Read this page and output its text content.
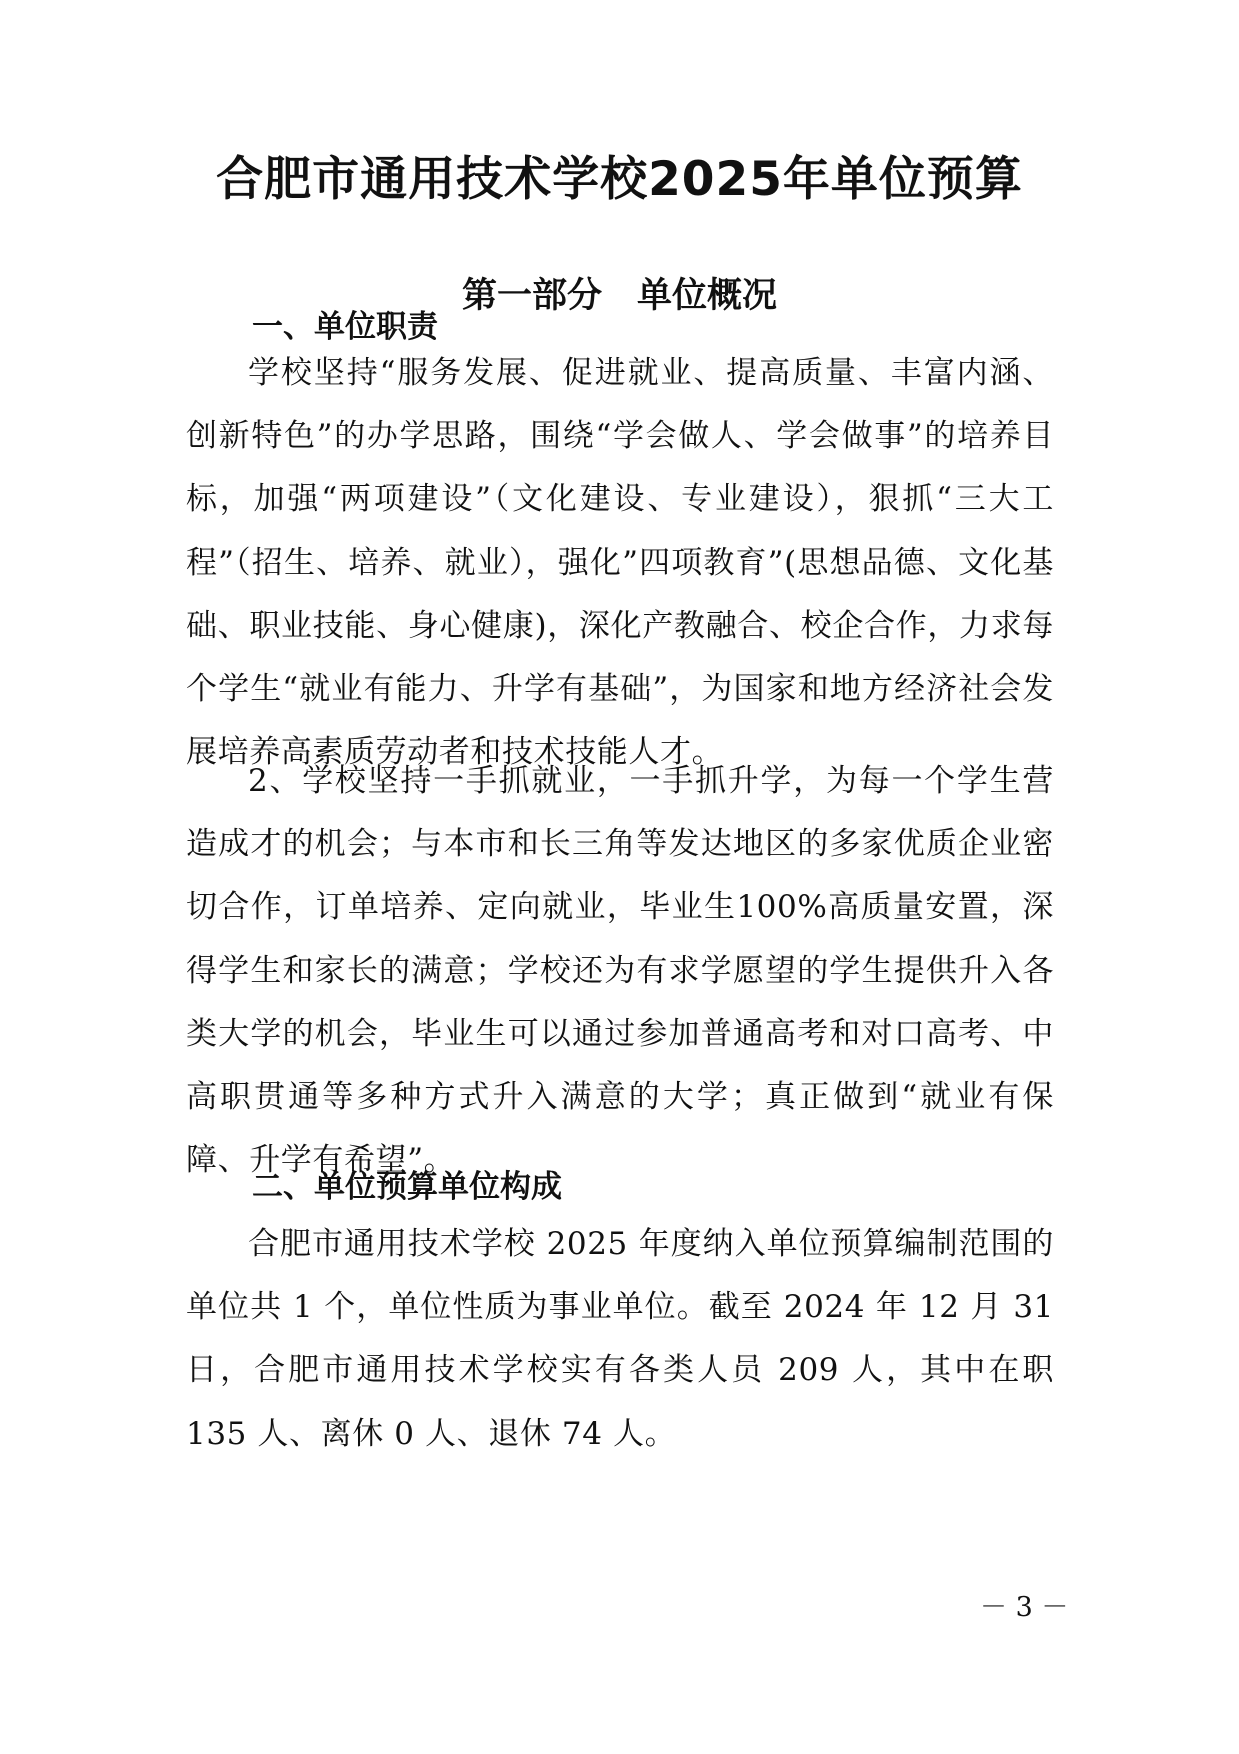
合肥市通用技术学校2025年单位预算
第一部分　单位概况
一、单位职责

学校坚持“服务发展、促进就业、提高质量、丰富内涵、创新特色”的办学思路，围绕“学会做人、学会做事”的培养目标，加强“两项建设”（文化建设、专业建设），狠抓“三大工程”（招生、培养、就业），强化”四项教育”(思想品德、文化基础、职业技能、身心健康)，深化产教融合、校企合作，力求每个学生“就业有能力、升学有基础”，为国家和地方经济社会发展培养高素质劳动者和技术技能人才。

2、学校坚持一手抓就业，一手抓升学，为每一个学生营造成才的机会；与本市和长三角等发达地区的多家优质企业密切合作，订单培养、定向就业，毕业生100%高质量安置，深得学生和家长的满意；学校还为有求学愿望的学生提供升入各类大学的机会，毕业生可以通过参加普通高考和对口高考、中高职贯通等多种方式升入满意的大学；真正做到“就业有保障、升学有希望”。

二、单位预算单位构成

合肥市通用技术学校 2025 年度纳入单位预算编制范围的单位共 1 个，单位性质为事业单位。截至 2024 年 12 月 31 日，合肥市通用技术学校实有各类人员 209 人，其中在职 135 人、离休 0 人、退休 74 人。

－ 3 －
